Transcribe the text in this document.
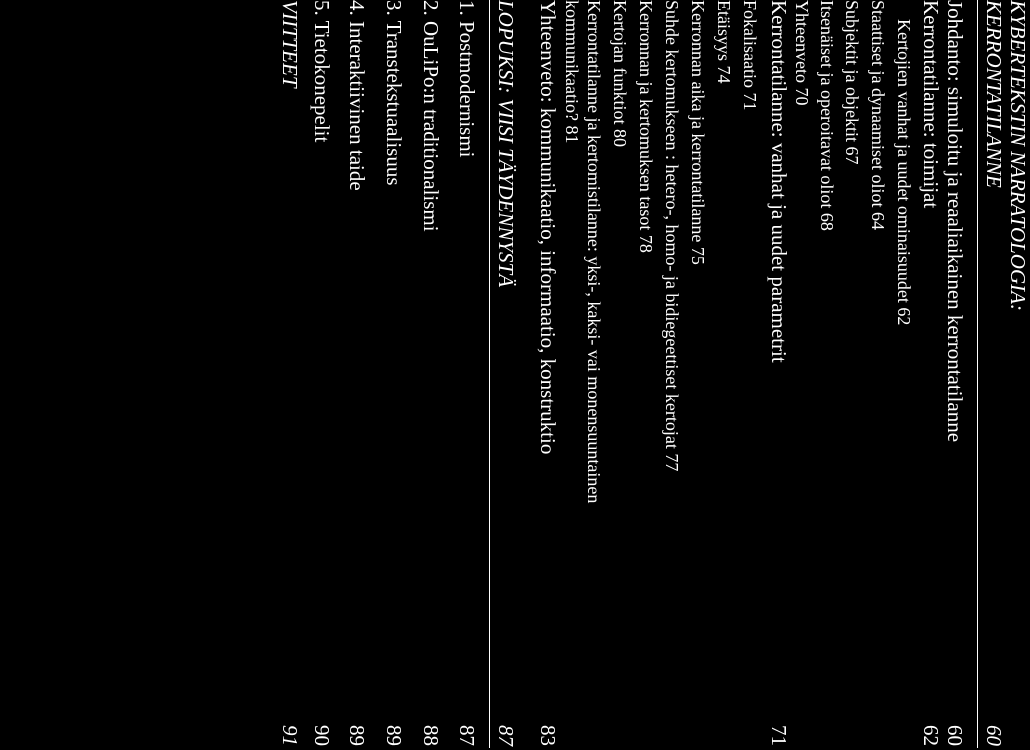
KYBERTEKSTIN NARRATOLOGIA:
KERRONTATILANNE
60
Johdanto: simuloitu ja reaaliaikainen kerrontatilanne
60
Kerrontatilanne: toimijat
62
Kertojien vanhat ja uudet ominaisuudet 62
Staattiset ja dynaamiset oliot 64
Subjektit ja objektit 67
Itsenäiset ja operoitavat oliot 68
Yhteenveto 70
Kerrontatilanne: vanhat ja uudet parametrit
71
Fokalisaatio 71
Etäisyys 74
Kerronnan aika ja kerrontatilanne 75
Suhde kertomukseen : hetero-, homo- ja bidiegeettiset kertojat 77
Kerronnan ja kertomuksen tasot 78
Kertojan funktiot 80
Kerrontatilanne ja kertomistilanne: yksi-, kaksi- vai monensuuntainen
kommunikaatio? 81
Yhteenveto: kommunikaatio, informaatio, konstruktio
83
LOPUKSI: VIISI TÄYDENNYSTÄ
87
1. Postmodernismi
87
2. OuLiPo:n traditionalismi
88
3. Transtekstuaalisuus
89
4. Interaktiivinen taide
89
5. Tietokonepelit
90
VIITTEET
91
